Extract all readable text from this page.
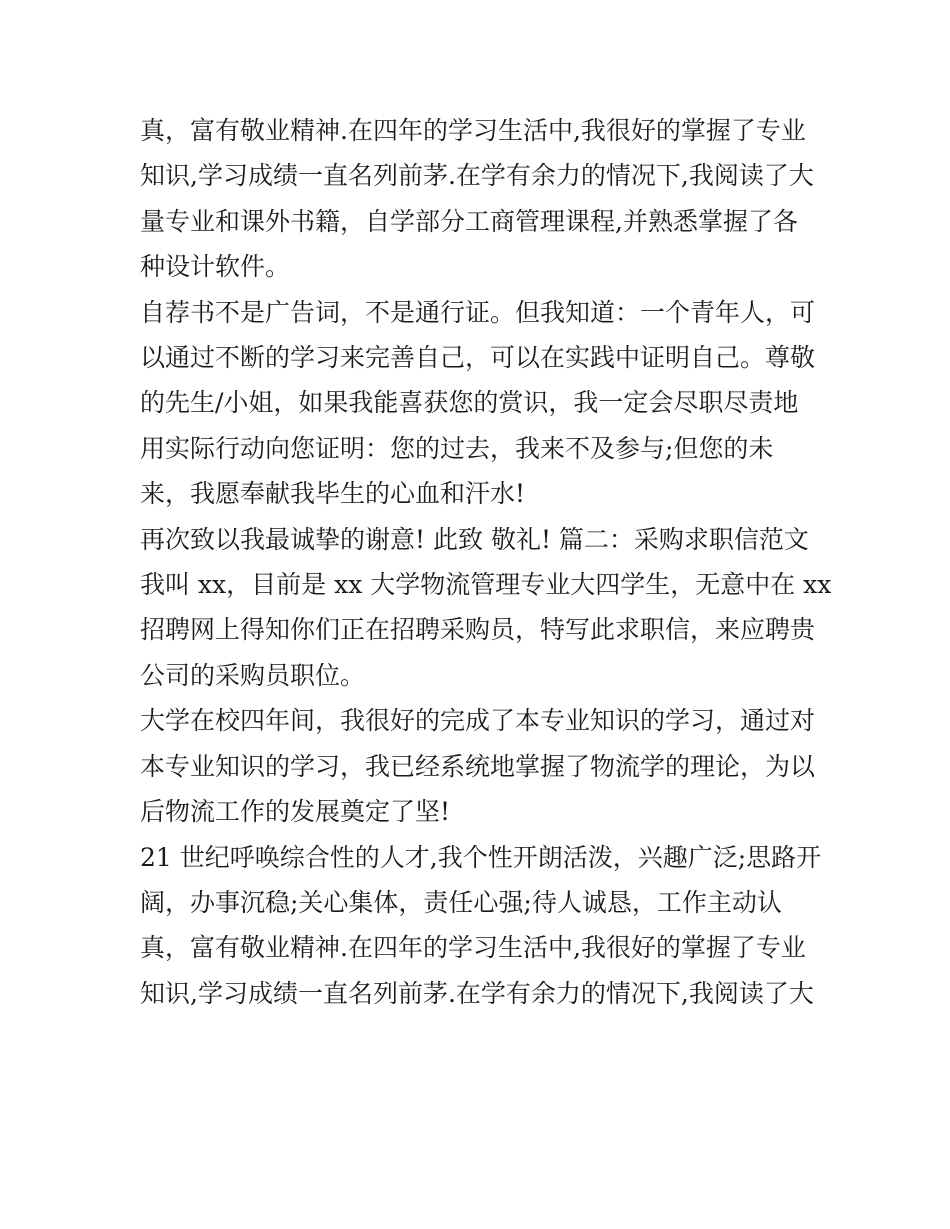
真，富有敬业精神.在四年的学习生活中,我很好的掌握了专业
知识,学习成绩一直名列前茅.在学有余力的情况下,我阅读了大
量专业和课外书籍，自学部分工商管理课程,并熟悉掌握了各
种设计软件。
自荐书不是广告词，不是通行证。但我知道：一个青年人，可
以通过不断的学习来完善自己，可以在实践中证明自己。尊敬
的先生/小姐，如果我能喜获您的赏识，我一定会尽职尽责地
用实际行动向您证明：您的过去，我来不及参与;但您的未
来，我愿奉献我毕生的心血和汗水!
再次致以我最诚挚的谢意! 此致 敬礼! 篇二：采购求职信范文
我叫 xx，目前是 xx 大学物流管理专业大四学生，无意中在 xx
招聘网上得知你们正在招聘采购员，特写此求职信，来应聘贵
公司的采购员职位。
大学在校四年间，我很好的完成了本专业知识的学习，通过对
本专业知识的学习，我已经系统地掌握了物流学的理论，为以
后物流工作的发展奠定了坚!
21 世纪呼唤综合性的人才,我个性开朗活泼，兴趣广泛;思路开
阔，办事沉稳;关心集体，责任心强;待人诚恳，工作主动认
真，富有敬业精神.在四年的学习生活中,我很好的掌握了专业
知识,学习成绩一直名列前茅.在学有余力的情况下,我阅读了大
